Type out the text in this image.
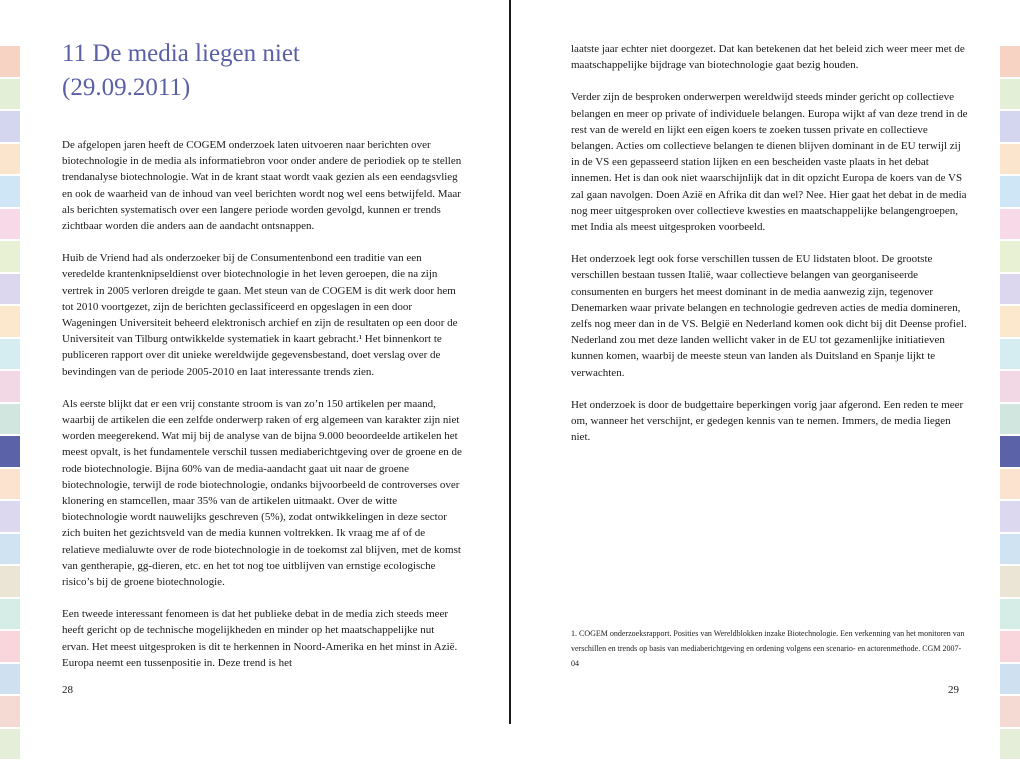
11 De media liegen niet
(29.09.2011)

De afgelopen jaren heeft de COGEM onderzoek laten uitvoeren naar berichten over biotechnologie in de media als informatiebron voor onder andere de periodiek op te stellen trendanalyse biotechnologie. Wat in de krant staat wordt vaak gezien als een eendagsvlieg en ook de waarheid van de inhoud van veel berichten wordt nog wel eens betwijfeld. Maar als berichten systematisch over een langere periode worden gevolgd, kunnen er trends zichtbaar worden die anders aan de aandacht ontsnappen.

Huib de Vriend had als onderzoeker bij de Consumentenbond een traditie van een veredelde krantenknipseldienst over biotechnologie in het leven geroepen, die na zijn vertrek in 2005 verloren dreigde te gaan. Met steun van de COGEM is dit werk door hem tot 2010 voortgezet, zijn de berichten geclassificeerd en opgeslagen in een door Wageningen Universiteit beheerd elektronisch archief en zijn de resultaten op een door de Universiteit van Tilburg ontwikkelde systematiek in kaart gebracht.¹ Het binnenkort te publiceren rapport over dit unieke wereldwijde gegevensbestand, doet verslag over de bevindingen van de periode 2005-2010 en laat interessante trends zien.

Als eerste blijkt dat er een vrij constante stroom is van zo’n 150 artikelen per maand, waarbij de artikelen die een zelfde onderwerp raken of erg algemeen van karakter zijn niet worden meegerekend. Wat mij bij de analyse van de bijna 9.000 beoordeelde artikelen het meest opvalt, is het fundamentele verschil tussen mediaberichtgeving over de groene en de rode biotechnologie. Bijna 60% van de media-aandacht gaat uit naar de groene biotechnologie, terwijl de rode biotechnologie, ondanks bijvoorbeeld de controverses over klonering en stamcellen, maar 35% van de artikelen uitmaakt. Over de witte biotechnologie wordt nauwelijks geschreven (5%), zodat ontwikkelingen in deze sector zich buiten het gezichtsveld van de media kunnen voltrekken. Ik vraag me af of de relatieve medialuwte over de rode biotechnologie in de toekomst zal blijven, met de komst van gentherapie, gg-dieren, etc. en het tot nog toe uitblijven van ernstige ecologische risico’s bij de groene biotechnologie.

Een tweede interessant fenomeen is dat het publieke debat in de media zich steeds meer heeft gericht op de technische mogelijkheden en minder op het maatschappelijke nut ervan. Het meest uitgesproken is dit te herkennen in Noord-Amerika en het minst in Azië. Europa neemt een tussenpositie in. Deze trend is het

28

laatste jaar echter niet doorgezet. Dat kan betekenen dat het beleid zich weer meer met de maatschappelijke bijdrage van biotechnologie gaat bezig houden.

Verder zijn de besproken onderwerpen wereldwijd steeds minder gericht op collectieve belangen en meer op private of individuele belangen. Europa wijkt af van deze trend in de rest van de wereld en lijkt een eigen koers te zoeken tussen private en collectieve belangen. Acties om collectieve belangen te dienen blijven dominant in de EU terwijl zij in de VS een gepasseerd station lijken en een bescheiden vaste plaats in het debat innemen. Het is dan ook niet waarschijnlijk dat in dit opzicht Europa de koers van de VS zal gaan navolgen. Doen Azië en Afrika dit dan wel? Nee. Hier gaat het debat in de media nog meer uitgesproken over collectieve kwesties en maatschappelijke belangengroepen, met India als meest uitgesproken voorbeeld.

Het onderzoek legt ook forse verschillen tussen de EU lidstaten bloot. De grootste verschillen bestaan tussen Italië, waar collectieve belangen van georganiseerde consumenten en burgers het meest dominant in de media aanwezig zijn, tegenover Denemarken waar private belangen en technologie gedreven acties de media domineren, zelfs nog meer dan in de VS. België en Nederland komen ook dicht bij dit Deense profiel. Nederland zou met deze landen wellicht vaker in de EU tot gezamenlijke initiatieven kunnen komen, waarbij de meeste steun van landen als Duitsland en Spanje lijkt te verwachten.

Het onderzoek is door de budgettaire beperkingen vorig jaar afgerond. Een reden te meer om, wanneer het verschijnt, er gedegen kennis van te nemen. Immers, de media liegen niet.

1. COGEM onderzoeksrapport. Posities van Wereldblokken inzake Biotechnologie. Een verkenning van het monitoren van verschillen en trends op basis van mediaberichtgeving en ordening volgens een scenario- en actorenmethode. CGM 2007-04

29
